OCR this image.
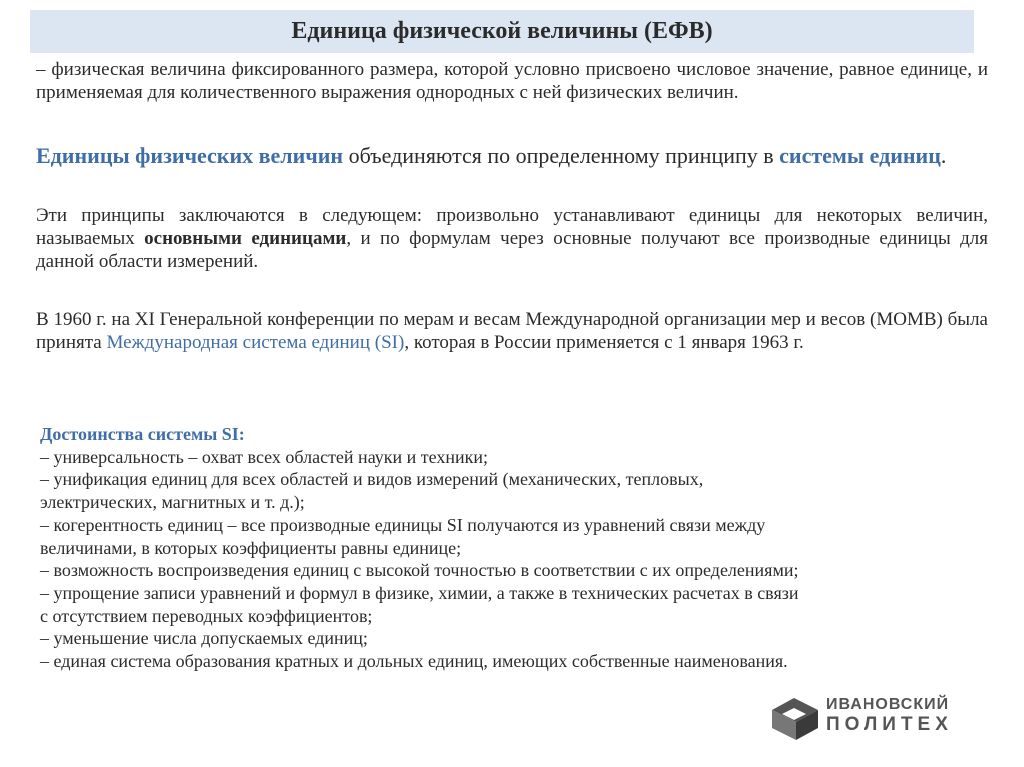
Единица физической величины (ЕФВ)
– физическая величина фиксированного размера, которой условно присвоено числовое значение, равное единице, и применяемая для количественного выражения однородных с ней физических величин.
Единицы физических величин объединяются по определенному принципу в системы единиц.
Эти принципы заключаются в следующем: произвольно устанавливают единицы для некоторых величин, называемых основными единицами, и по формулам через основные получают все производные единицы для данной области измерений.
В 1960 г. на XI Генеральной конференции по мерам и весам Международной организации мер и весов (МОМВ) была принята Международная система единиц (SI), которая в России применяется с 1 января 1963 г.
Достоинства системы SI:
– универсальность – охват всех областей науки и техники;
– унификация единиц для всех областей и видов измерений (механических, тепловых,
электрических, магнитных и т. д.);
– когерентность единиц – все производные единицы SI получаются из уравнений связи между
величинами, в которых коэффициенты равны единице;
– возможность воспроизведения единиц с высокой точностью в соответствии с их определениями;
– упрощение записи уравнений и формул в физике, химии, а также в технических расчетах в связи
с отсутствием переводных коэффициентов;
– уменьшение числа допускаемых единиц;
– единая система образования кратных и дольных единиц, имеющих собственные наименования.
ИВАНОВСКИЙ
ПОЛИТЕХ
